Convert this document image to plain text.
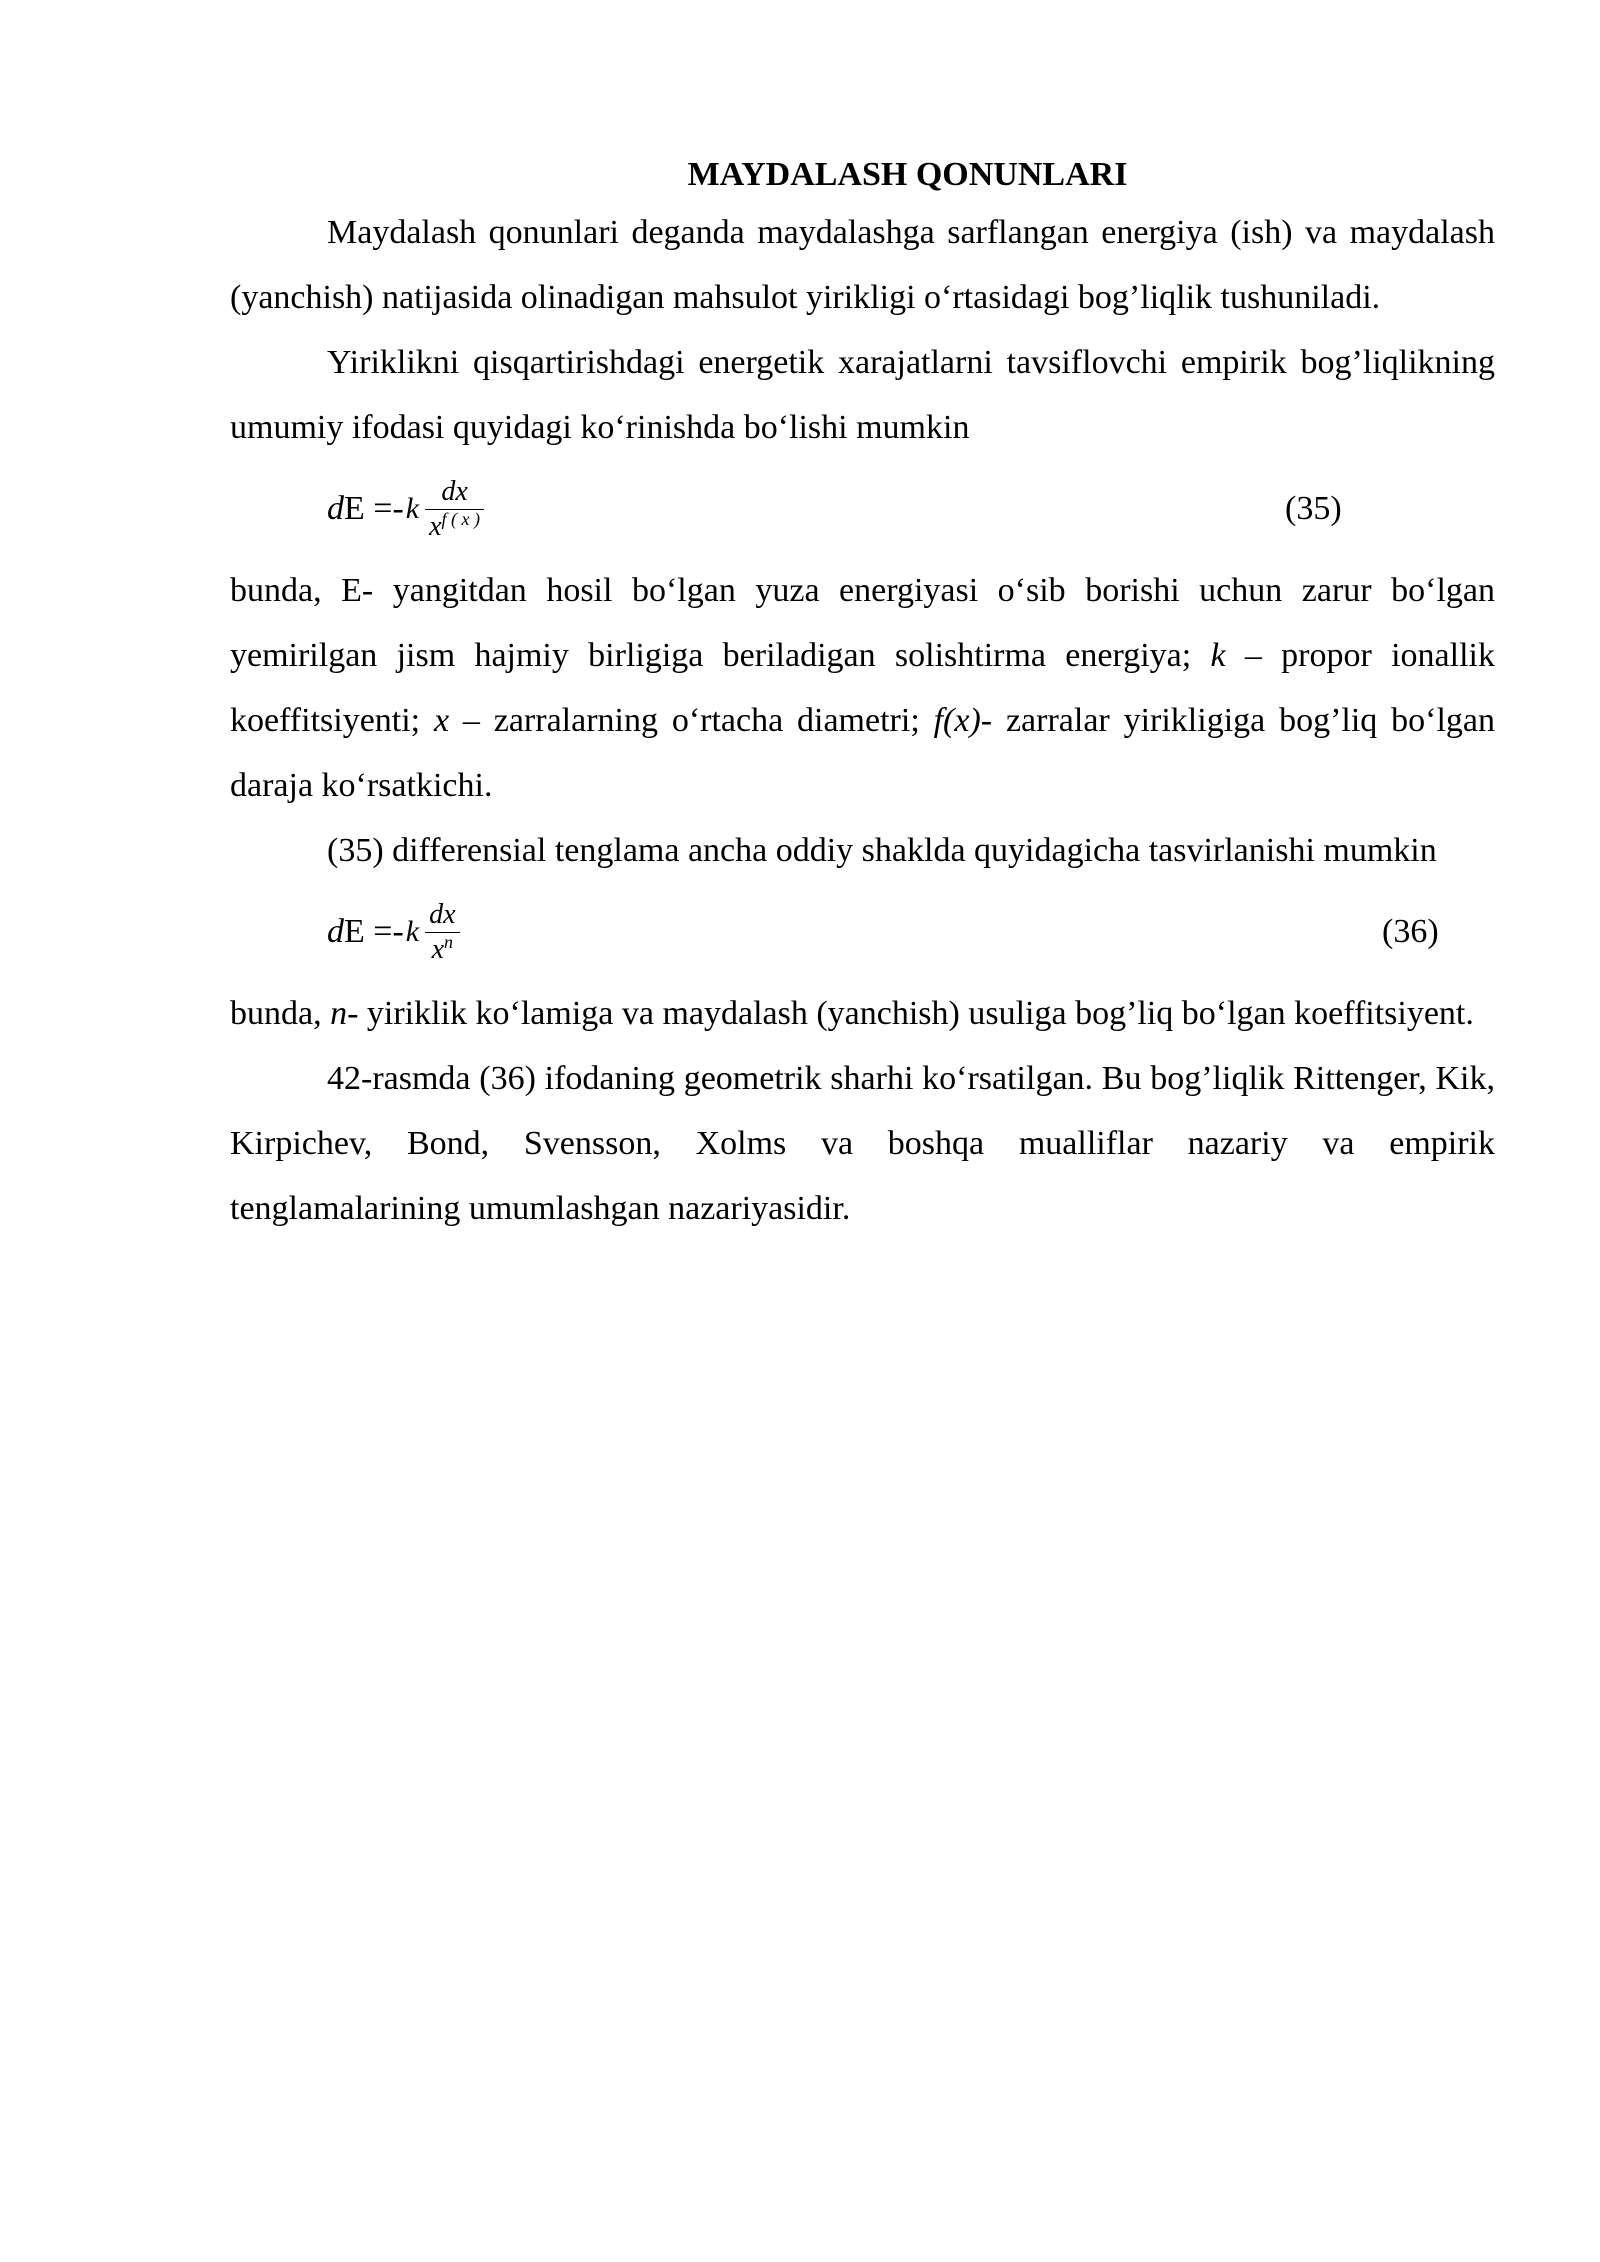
MAYDALASH QONUNLARI

Maydalash qonunlari deganda maydalashga sarflangan energiya (ish) va maydalash (yanchish) natijasida olinadigan mahsulot yirikligi o‘rtasidagi bog’liqlik tushuniladi.

Yiriklikni qisqartirishdagi energetik xarajatlarni tavsiflovchi empirik bog’liqlikning umumiy ifodasi quyidagi ko‘rinishda bo‘lishi mumkin

dE =- k $\frac{dx}{x^{f ( x )}}$	(35)

bunda, E- yangitdan hosil bo‘lgan yuza energiyasi o‘sib borishi uchun zarur bo‘lgan yemirilgan jism hajmiy birligiga beriladigan solishtirma energiya; k – propor ionallik koeffitsiyenti; x – zarralarning o‘rtacha diametri; f(x)- zarralar yirikligiga bog’liq bo‘lgan daraja ko‘rsatkichi.

(35) differensial tenglama ancha oddiy shaklda quyidagicha tasvirlanishi mumkin

dE =- k $\frac{dx}{x^n}$	(36)

bunda, n- yiriklik ko‘lamiga va maydalash (yanchish) usuliga bog’liq bo‘lgan koeffitsiyent.

42-rasmda (36) ifodaning geometrik sharhi ko‘rsatilgan. Bu bog’liqlik Rittenger, Kik, Kirpichev, Bond, Svensson, Xolms va boshqa mualliflar nazariy va empirik tenglamalarining umumlashgan nazariyasidir.
